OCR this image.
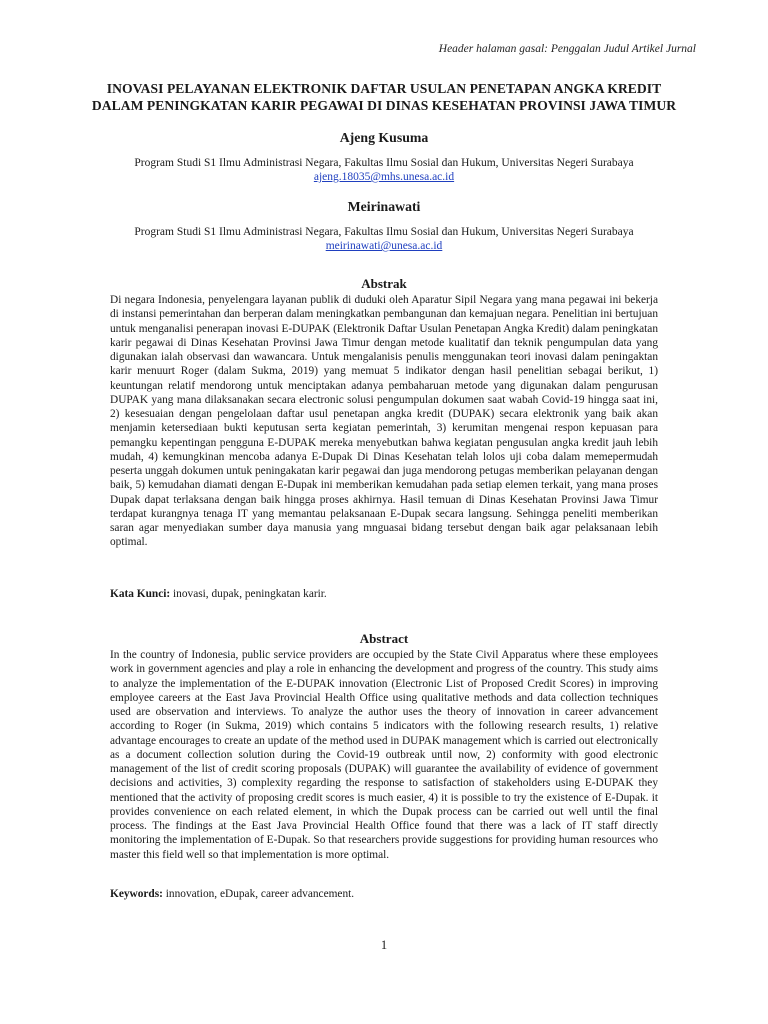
Header halaman gasal: Penggalan Judul Artikel Jurnal
INOVASI PELAYANAN ELEKTRONIK DAFTAR USULAN PENETAPAN ANGKA KREDIT
DALAM PENINGKATAN KARIR PEGAWAI DI DINAS KESEHATAN PROVINSI JAWA TIMUR
Ajeng Kusuma
Program Studi S1 Ilmu Administrasi Negara, Fakultas Ilmu Sosial dan Hukum, Universitas Negeri Surabaya
ajeng.18035@mhs.unesa.ac.id
Meirinawati
Program Studi S1 Ilmu Administrasi Negara, Fakultas Ilmu Sosial dan Hukum, Universitas Negeri Surabaya
meirinawati@unesa.ac.id
Abstrak
Di negara Indonesia, penyelengara layanan publik di duduki oleh Aparatur Sipil Negara yang mana pegawai ini bekerja di instansi pemerintahan dan berperan dalam meningkatkan pembangunan dan kemajuan negara. Penelitian ini bertujuan untuk menganalisi penerapan inovasi E-DUPAK (Elektronik Daftar Usulan Penetapan Angka Kredit) dalam peningkatan karir pegawai di Dinas Kesehatan Provinsi Jawa Timur dengan metode kualitatif dan teknik pengumpulan data yang digunakan ialah observasi dan wawancara. Untuk mengalanisis penulis menggunakan teori inovasi dalam peningaktan karir menuurt Roger (dalam Sukma, 2019) yang memuat 5 indikator dengan hasil penelitian sebagai berikut, 1) keuntungan relatif mendorong untuk menciptakan adanya pembaharuan metode yang digunakan dalam pengurusan DUPAK yang mana dilaksanakan secara electronic solusi pengumpulan dokumen saat wabah Covid-19 hingga saat ini, 2) kesesuaian dengan pengelolaan daftar usul penetapan angka kredit (DUPAK) secara elektronik yang baik akan menjamin ketersediaan bukti keputusan serta kegiatan pemerintah, 3) kerumitan mengenai respon kepuasan para pemangku kepentingan pengguna E-DUPAK mereka menyebutkan bahwa kegiatan pengusulan angka kredit jauh lebih mudah, 4) kemungkinan mencoba adanya E-Dupak Di Dinas Kesehatan telah lolos uji coba dalam memepermudah peserta unggah dokumen untuk peningakatan karir pegawai dan juga mendorong petugas memberikan pelayanan dengan baik, 5) kemudahan diamati dengan E-Dupak ini memberikan kemudahan pada setiap elemen terkait, yang mana proses Dupak dapat terlaksana dengan baik hingga proses akhirnya. Hasil temuan di Dinas Kesehatan Provinsi Jawa Timur terdapat kurangnya tenaga IT yang memantau pelaksanaan E-Dupak secara langsung. Sehingga peneliti memberikan saran agar menyediakan sumber daya manusia yang mnguasai bidang tersebut dengan baik agar pelaksanaan lebih optimal.
Kata Kunci: inovasi, dupak, peningkatan karir.
Abstract
In the country of Indonesia, public service providers are occupied by the State Civil Apparatus where these employees work in government agencies and play a role in enhancing the development and progress of the country. This study aims to analyze the implementation of the E-DUPAK innovation (Electronic List of Proposed Credit Scores) in improving employee careers at the East Java Provincial Health Office using qualitative methods and data collection techniques used are observation and interviews. To analyze the author uses the theory of innovation in career advancement according to Roger (in Sukma, 2019) which contains 5 indicators with the following research results, 1) relative advantage encourages to create an update of the method used in DUPAK management which is carried out electronically as a document collection solution during the Covid-19 outbreak until now, 2) conformity with good electronic management of the list of credit scoring proposals (DUPAK) will guarantee the availability of evidence of government decisions and activities, 3) complexity regarding the response to satisfaction of stakeholders using E-DUPAK they mentioned that the activity of proposing credit scores is much easier, 4) it is possible to try the existence of E-Dupak. it provides convenience on each related element, in which the Dupak process can be carried out well until the final process. The findings at the East Java Provincial Health Office found that there was a lack of IT staff directly monitoring the implementation of E-Dupak. So that researchers provide suggestions for providing human resources who master this field well so that implementation is more optimal.
Keywords: innovation, eDupak, career advancement.
1
